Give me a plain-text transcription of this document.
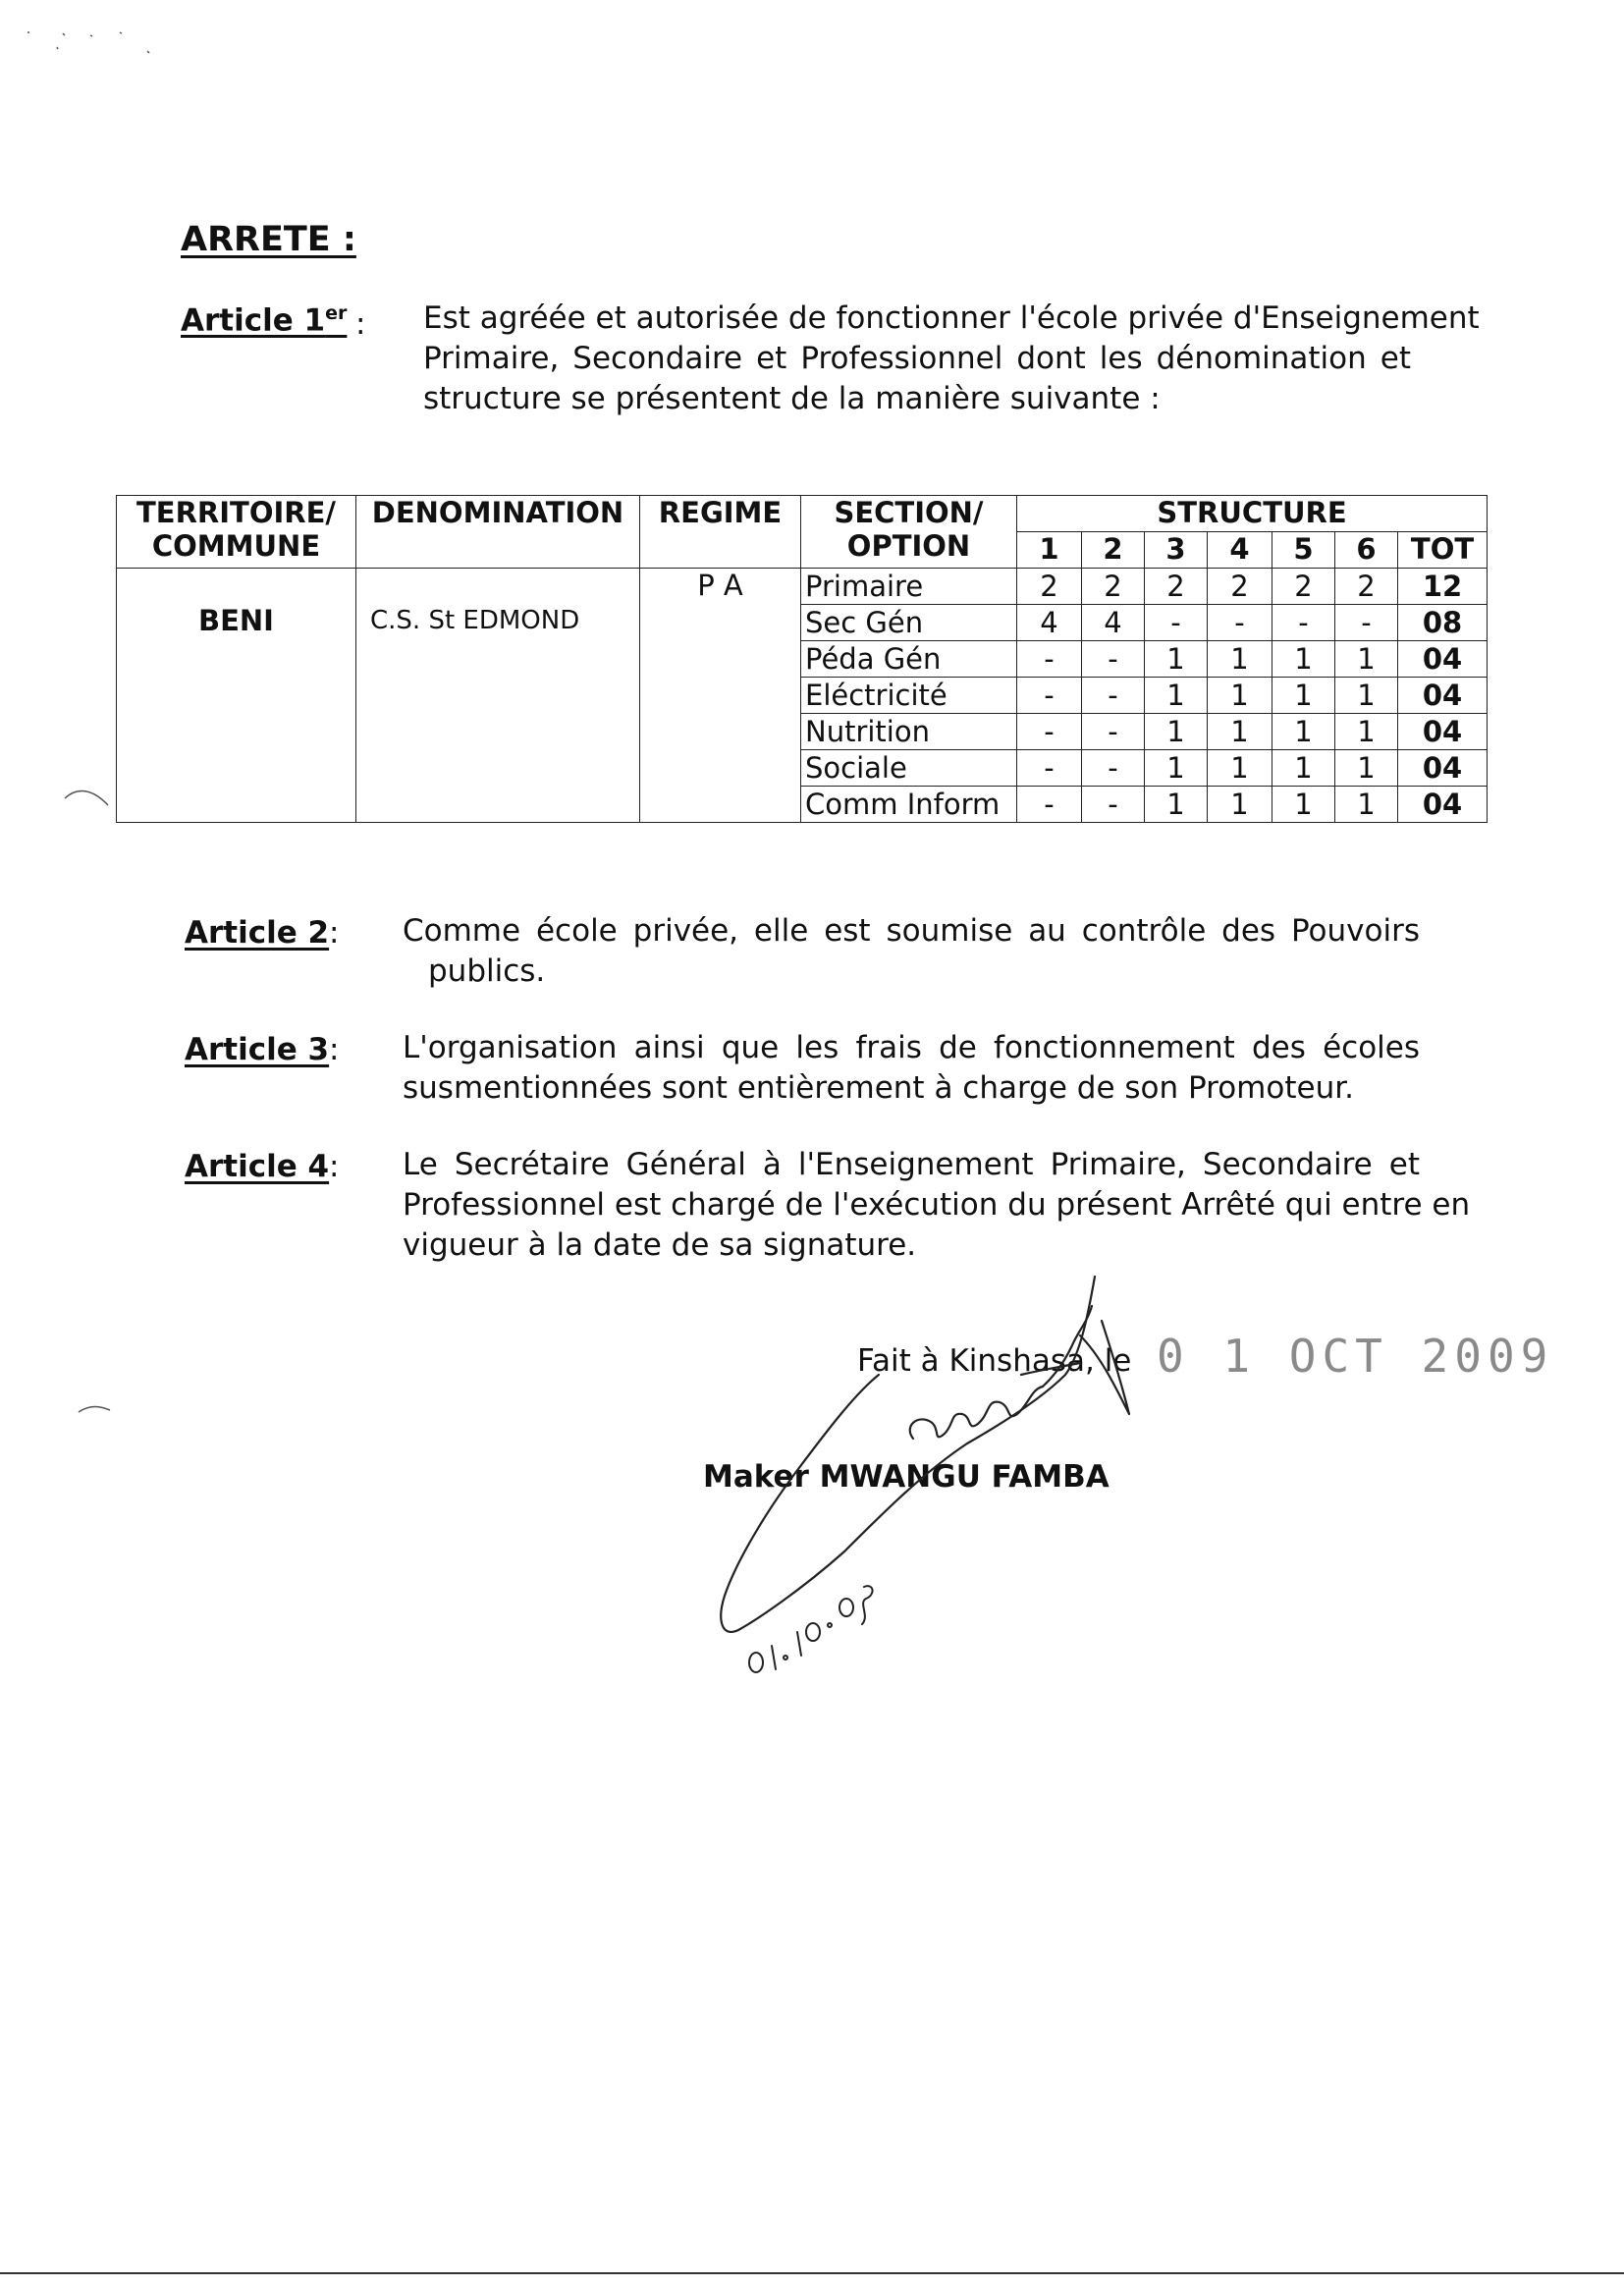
ARRETE :
Article 1er : Est agréée et autorisée de fonctionner l'école privée d'Enseignement
Primaire, Secondaire et Professionnel dont les dénomination et
structure se présentent de la manière suivante :
TERRITOIRE/
COMMUNE	DENOMINATION	REGIME	SECTION/
OPTION	STRUCTURE						
				1	2	3	4	5	6	TOT
BENI	C.S. St EDMOND	P A	Primaire	2	2	2	2	2	2	12
			Sec Gén	4	4	-	-	-	-	08
			Péda Gén	-	-	1	1	1	1	04
			Eléctricité	-	-	1	1	1	1	04
			Nutrition	-	-	1	1	1	1	04
			Sociale	-	-	1	1	1	1	04
			Comm Inform	-	-	1	1	1	1	04
Article 2 : Comme école privée, elle est soumise au contrôle des Pouvoirs
publics.
Article 3 : L'organisation ainsi que les frais de fonctionnement des écoles
susmentionnées sont entièrement à charge de son Promoteur.
Article 4 : Le Secrétaire Général à l'Enseignement Primaire, Secondaire et
Professionnel est chargé de l'exécution du présent Arrêté qui entre en
vigueur à la date de sa signature.
Fait à Kinshasa, le 0 1 OCT 2009
Maker MWANGU FAMBA
